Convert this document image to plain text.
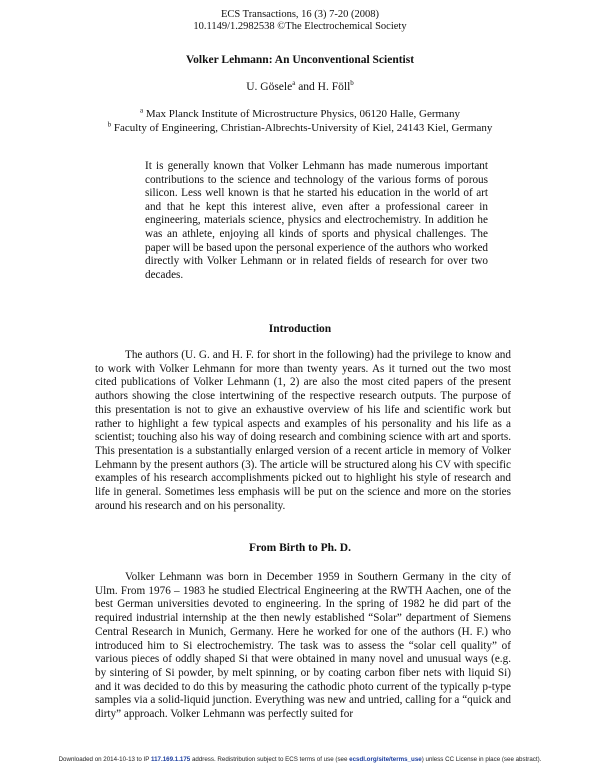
ECS Transactions, 16 (3) 7-20 (2008)
10.1149/1.2982538 ©The Electrochemical Society
Volker Lehmann: An Unconventional Scientist
U. Gösele$^a$ and H. Föll$^b$
$^a$ Max Planck Institute of Microstructure Physics, 06120 Halle, Germany
$^b$ Faculty of Engineering, Christian-Albrechts-University of Kiel, 24143 Kiel, Germany

It is generally known that Volker Lehmann has made numerous important contributions to the science and technology of the various forms of porous silicon. Less well known is that he started his education in the world of art and that he kept this interest alive, even after a professional career in engineering, materials science, physics and electrochemistry. In addition he was an athlete, enjoying all kinds of sports and physical challenges. The paper will be based upon the personal experience of the authors who worked directly with Volker Lehmann or in related fields of research for over two decades.

Introduction

The authors (U. G. and H. F. for short in the following) had the privilege to know and to work with Volker Lehmann for more than twenty years. As it turned out the two most cited publications of Volker Lehmann (1, 2) are also the most cited papers of the present authors showing the close intertwining of the respective research outputs. The purpose of this presentation is not to give an exhaustive overview of his life and scientific work but rather to highlight a few typical aspects and examples of his personality and his life as a scientist; touching also his way of doing research and combining science with art and sports. This presentation is a substantially enlarged version of a recent article in memory of Volker Lehmann by the present authors (3). The article will be structured along his CV with specific examples of his research accomplishments picked out to highlight his style of research and life in general. Sometimes less emphasis will be put on the science and more on the stories around his research and on his personality.

From Birth to Ph. D.

Volker Lehmann was born in December 1959 in Southern Germany in the city of Ulm. From 1976 – 1983 he studied Electrical Engineering at the RWTH Aachen, one of the best German universities devoted to engineering. In the spring of 1982 he did part of the required industrial internship at the then newly established “Solar” department of Siemens Central Research in Munich, Germany. Here he worked for one of the authors (H. F.) who introduced him to Si electrochemistry. The task was to assess the “solar cell quality” of various pieces of oddly shaped Si that were obtained in many novel and unusual ways (e.g. by sintering of Si powder, by melt spinning, or by coating carbon fiber nets with liquid Si) and it was decided to do this by measuring the cathodic photo current of the typically p-type samples via a solid-liquid junction. Everything was new and untried, calling for a “quick and dirty” approach. Volker Lehmann was perfectly suited for

Downloaded on 2014-10-13 to IP 117.169.1.175 address. Redistribution subject to ECS terms of use (see ecsdl.org/site/terms_use) unless CC License in place (see abstract).
